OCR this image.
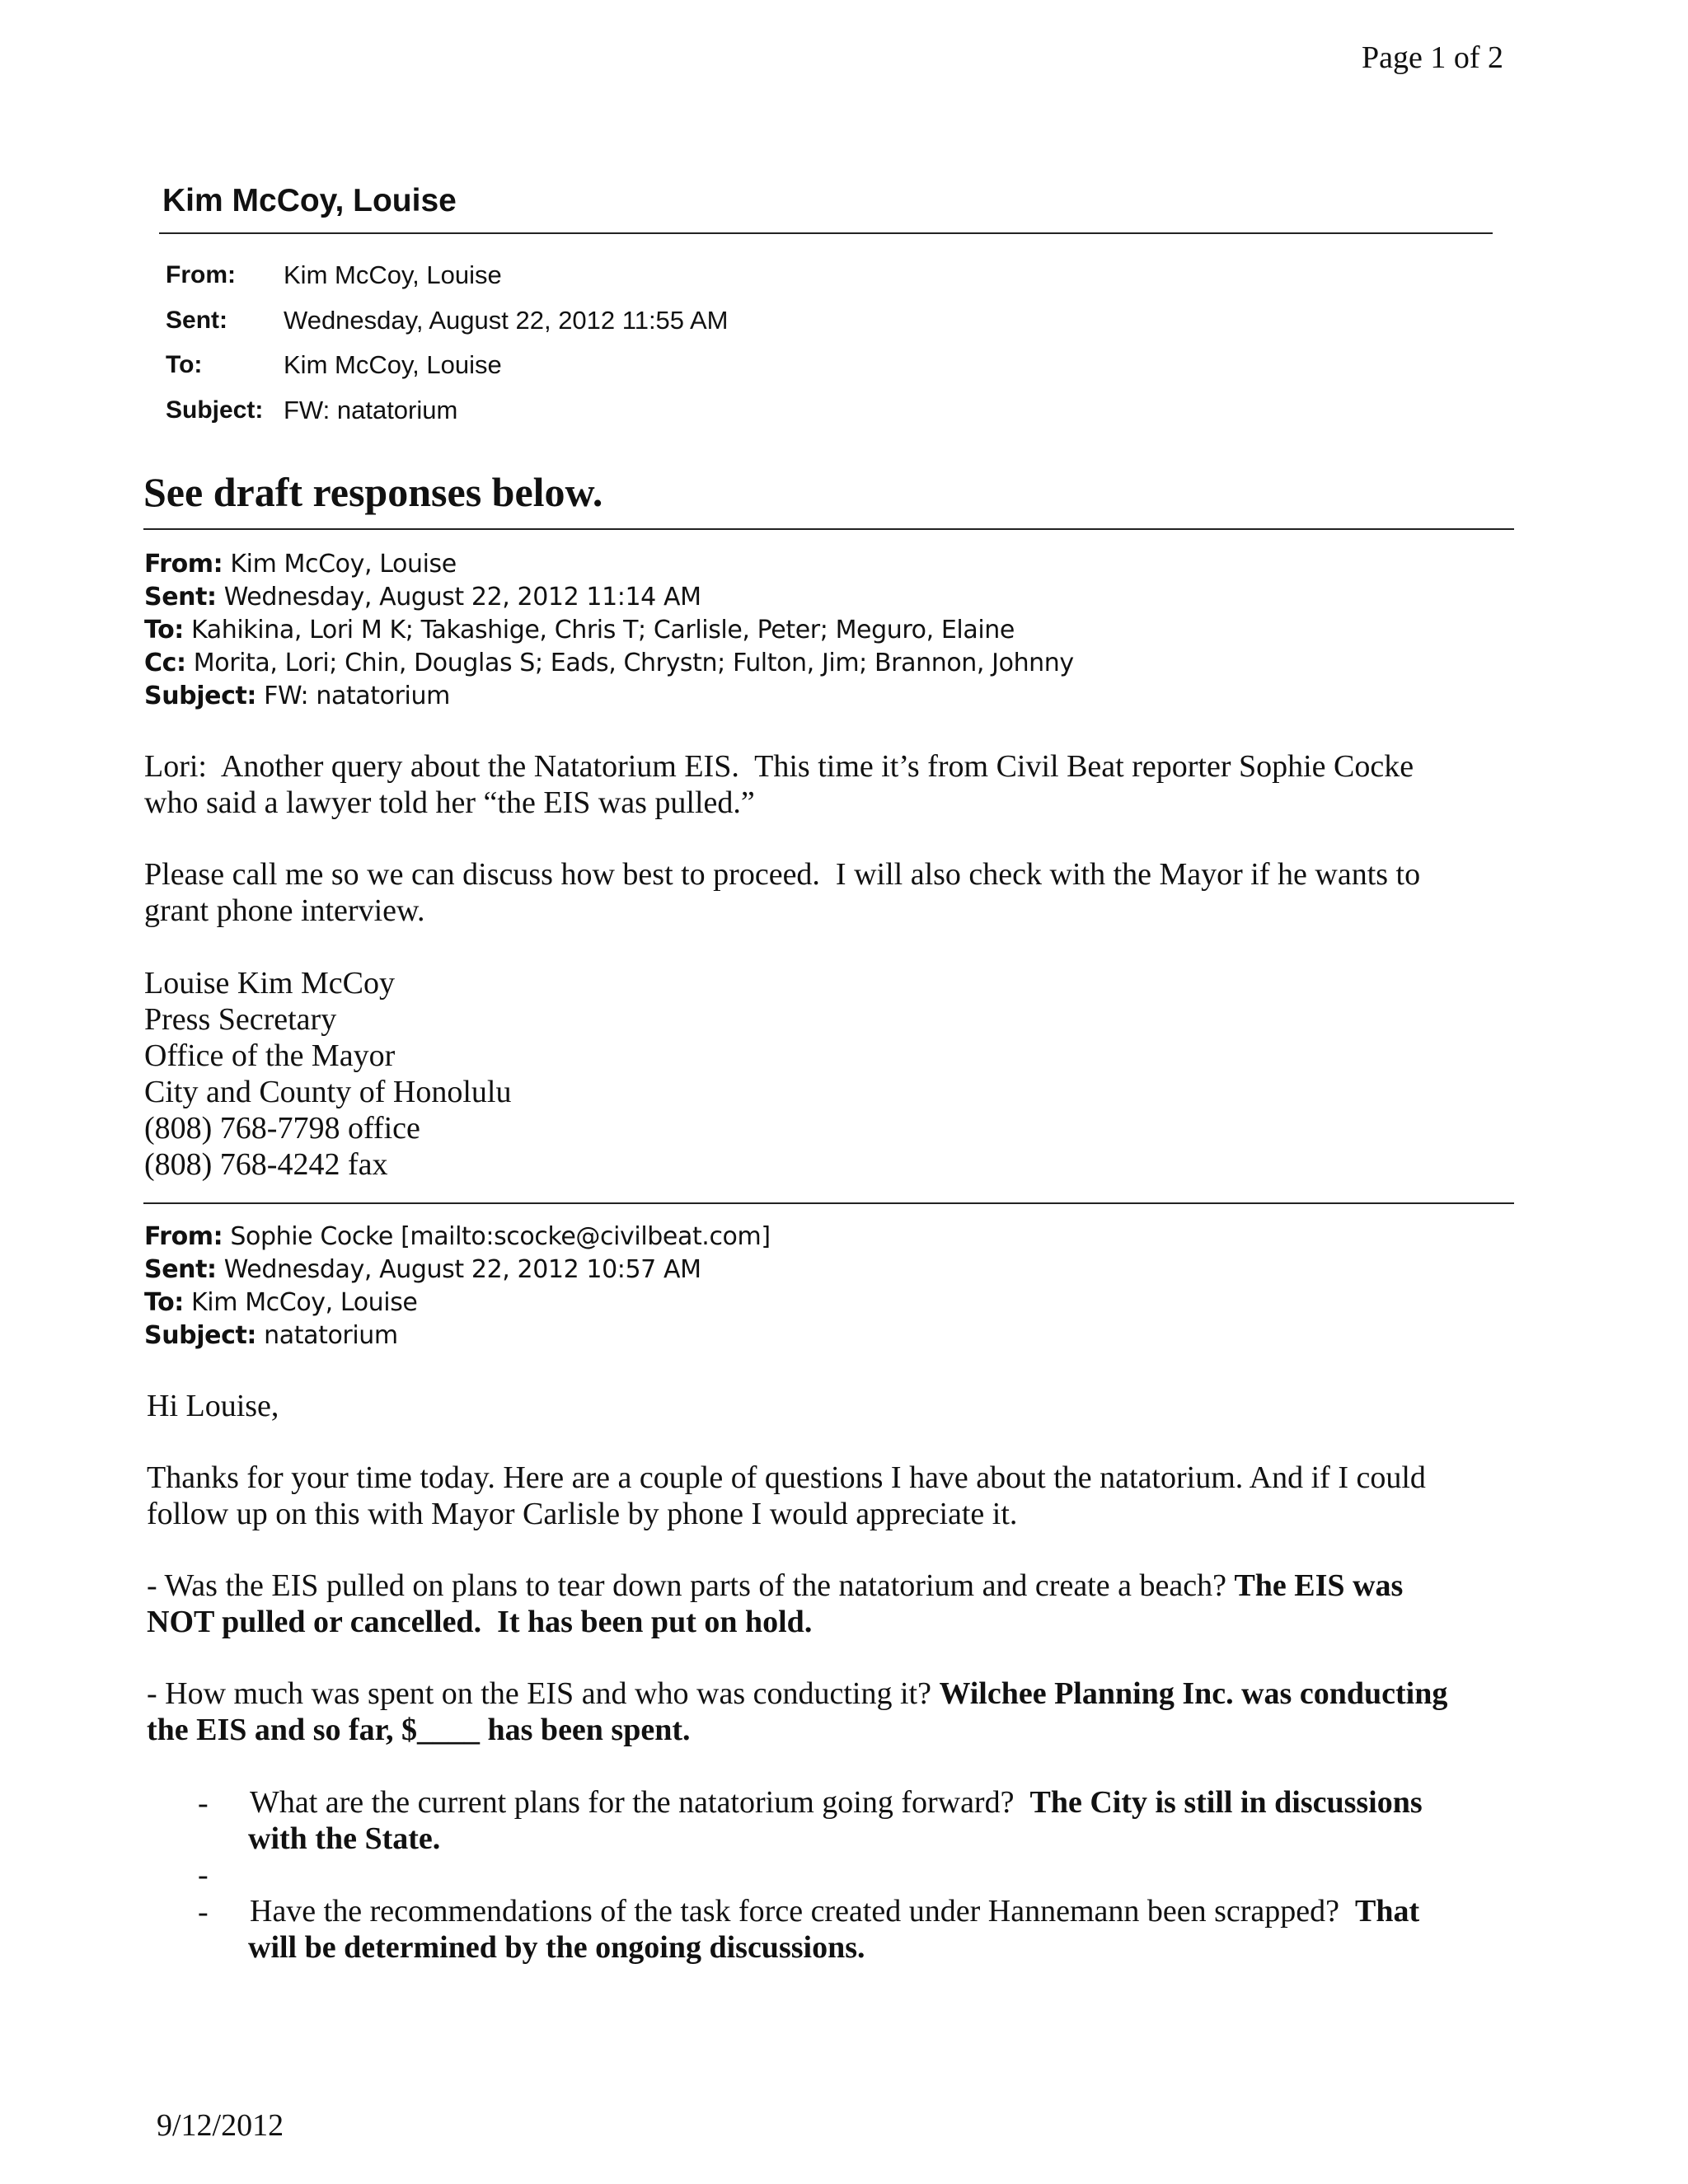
Page 1 of 2
Kim McCoy, Louise
From: Kim McCoy, Louise
Sent: Wednesday, August 22, 2012 11:55 AM
To:	Kim McCoy, Louise
Subject: FW: natatorium
See draft responses below.
From: Kim McCoy, Louise
Sent: Wednesday, August 22, 2012 11:14 AM
To: Kahikina, Lori M K; Takashige, Chris T; Carlisle, Peter; Meguro, Elaine
Cc: Morita, Lori; Chin, Douglas S; Eads, Chrystn; Fulton, Jim; Brannon, Johnny
Subject: FW: natatorium
Lori:  Another query about the Natatorium EIS.  This time it’s from Civil Beat reporter Sophie Cocke
who said a lawyer told her “the EIS was pulled.”
Please call me so we can discuss how best to proceed.  I will also check with the Mayor if he wants to
grant phone interview.
Louise Kim McCoy
Press Secretary
Office of the Mayor
City and County of Honolulu
(808) 768-7798 office
(808) 768-4242 fax
From: Sophie Cocke [mailto:scocke@civilbeat.com]
Sent: Wednesday, August 22, 2012 10:57 AM
To: Kim McCoy, Louise
Subject: natatorium
Hi Louise,
Thanks for your time today. Here are a couple of questions I have about the natatorium. And if I could
follow up on this with Mayor Carlisle by phone I would appreciate it.
- Was the EIS pulled on plans to tear down parts of the natatorium and create a beach? The EIS was
NOT pulled or cancelled.  It has been put on hold.
- How much was spent on the EIS and who was conducting it? Wilchee Planning Inc. was conducting
the EIS and so far, $____ has been spent.
- What are the current plans for the natatorium going forward?  The City is still in discussions
with the State.
-
- Have the recommendations of the task force created under Hannemann been scrapped?  That
will be determined by the ongoing discussions.
9/12/2012
